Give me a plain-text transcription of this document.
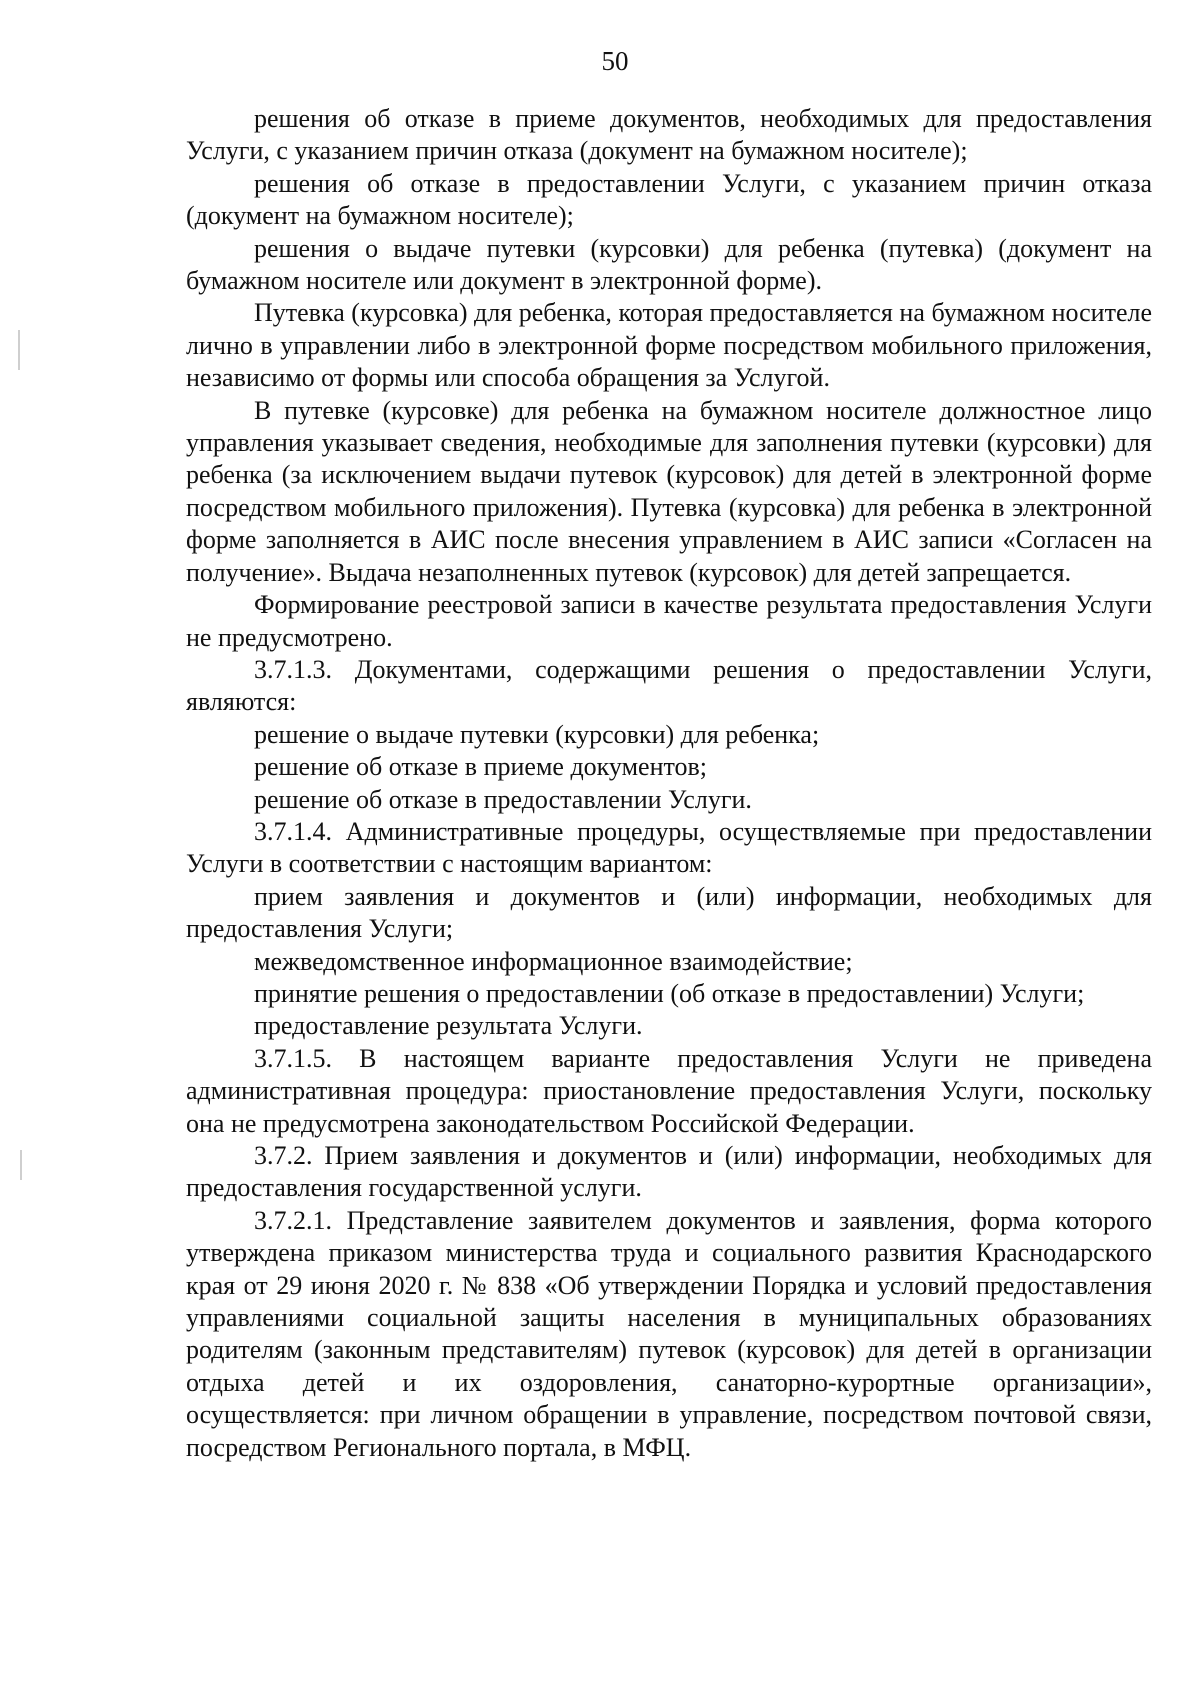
50

решения об отказе в приеме документов, необходимых для предоставления Услуги, с указанием причин отказа (документ на бумажном носителе);

решения об отказе в предоставлении Услуги, с указанием причин отказа (документ на бумажном носителе);

решения о выдаче путевки (курсовки) для ребенка (путевка) (документ на бумажном носителе или документ в электронной форме).

Путевка (курсовка) для ребенка, которая предоставляется на бумажном носителе лично в управлении либо в электронной форме посредством мобильного приложения, независимо от формы или способа обращения за Услугой.

В путевке (курсовке) для ребенка на бумажном носителе должностное лицо управления указывает сведения, необходимые для заполнения путевки (курсовки) для ребенка (за исключением выдачи путевок (курсовок) для детей в электронной форме посредством мобильного приложения). Путевка (курсовка) для ребенка в электронной форме заполняется в АИС после внесения управлением в АИС записи «Согласен на получение». Выдача незаполненных путевок (курсовок) для детей запрещается.

Формирование реестровой записи в качестве результата предоставления Услуги не предусмотрено.

3.7.1.3. Документами, содержащими решения о предоставлении Услуги, являются:

решение о выдаче путевки (курсовки) для ребенка;

решение об отказе в приеме документов;

решение об отказе в предоставлении Услуги.

3.7.1.4. Административные процедуры, осуществляемые при предоставлении Услуги в соответствии с настоящим вариантом:

прием заявления и документов и (или) информации, необходимых для предоставления Услуги;

межведомственное информационное взаимодействие;

принятие решения о предоставлении (об отказе в предоставлении) Услуги;

предоставление результата Услуги.

3.7.1.5. В настоящем варианте предоставления Услуги не приведена административная процедура: приостановление предоставления Услуги, поскольку она не предусмотрена законодательством Российской Федерации.

3.7.2. Прием заявления и документов и (или) информации, необходимых для предоставления государственной услуги.

3.7.2.1. Представление заявителем документов и заявления, форма которого утверждена приказом министерства труда и социального развития Краснодарского края от 29 июня 2020 г. № 838 «Об утверждении Порядка и условий предоставления управлениями социальной защиты населения в муниципальных образованиях родителям (законным представителям) путевок (курсовок) для детей в организации отдыха детей и их оздоровления, санаторно-курортные организации», осуществляется: при личном обращении в управление, посредством почтовой связи, посредством Регионального портала, в МФЦ.
